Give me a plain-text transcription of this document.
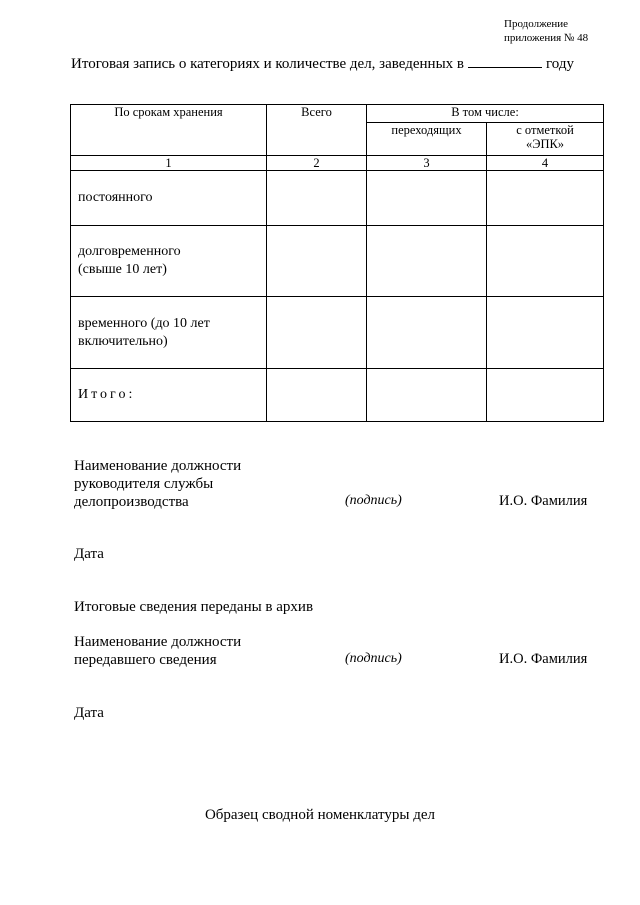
Продолжение
приложения № 48
Итоговая запись о категориях и количестве дел, заведенных в	году
По срокам хранения	Всего	В том числе:	
		переходящих	с отметкой
«ЭПК»

1	2	3	4

постоянного			

долговременного
(свыше 10 лет)			

временного (до 10 лет
включительно)			

Итого:			

Наименование должности
руководителя службы
делопроизводства	(подпись)	И.О. Фамилия
Дата
Итоговые сведения переданы в архив
Наименование должности
передавшего сведения	(подпись)	И.О. Фамилия
Дата
Образец сводной номенклатуры дел
